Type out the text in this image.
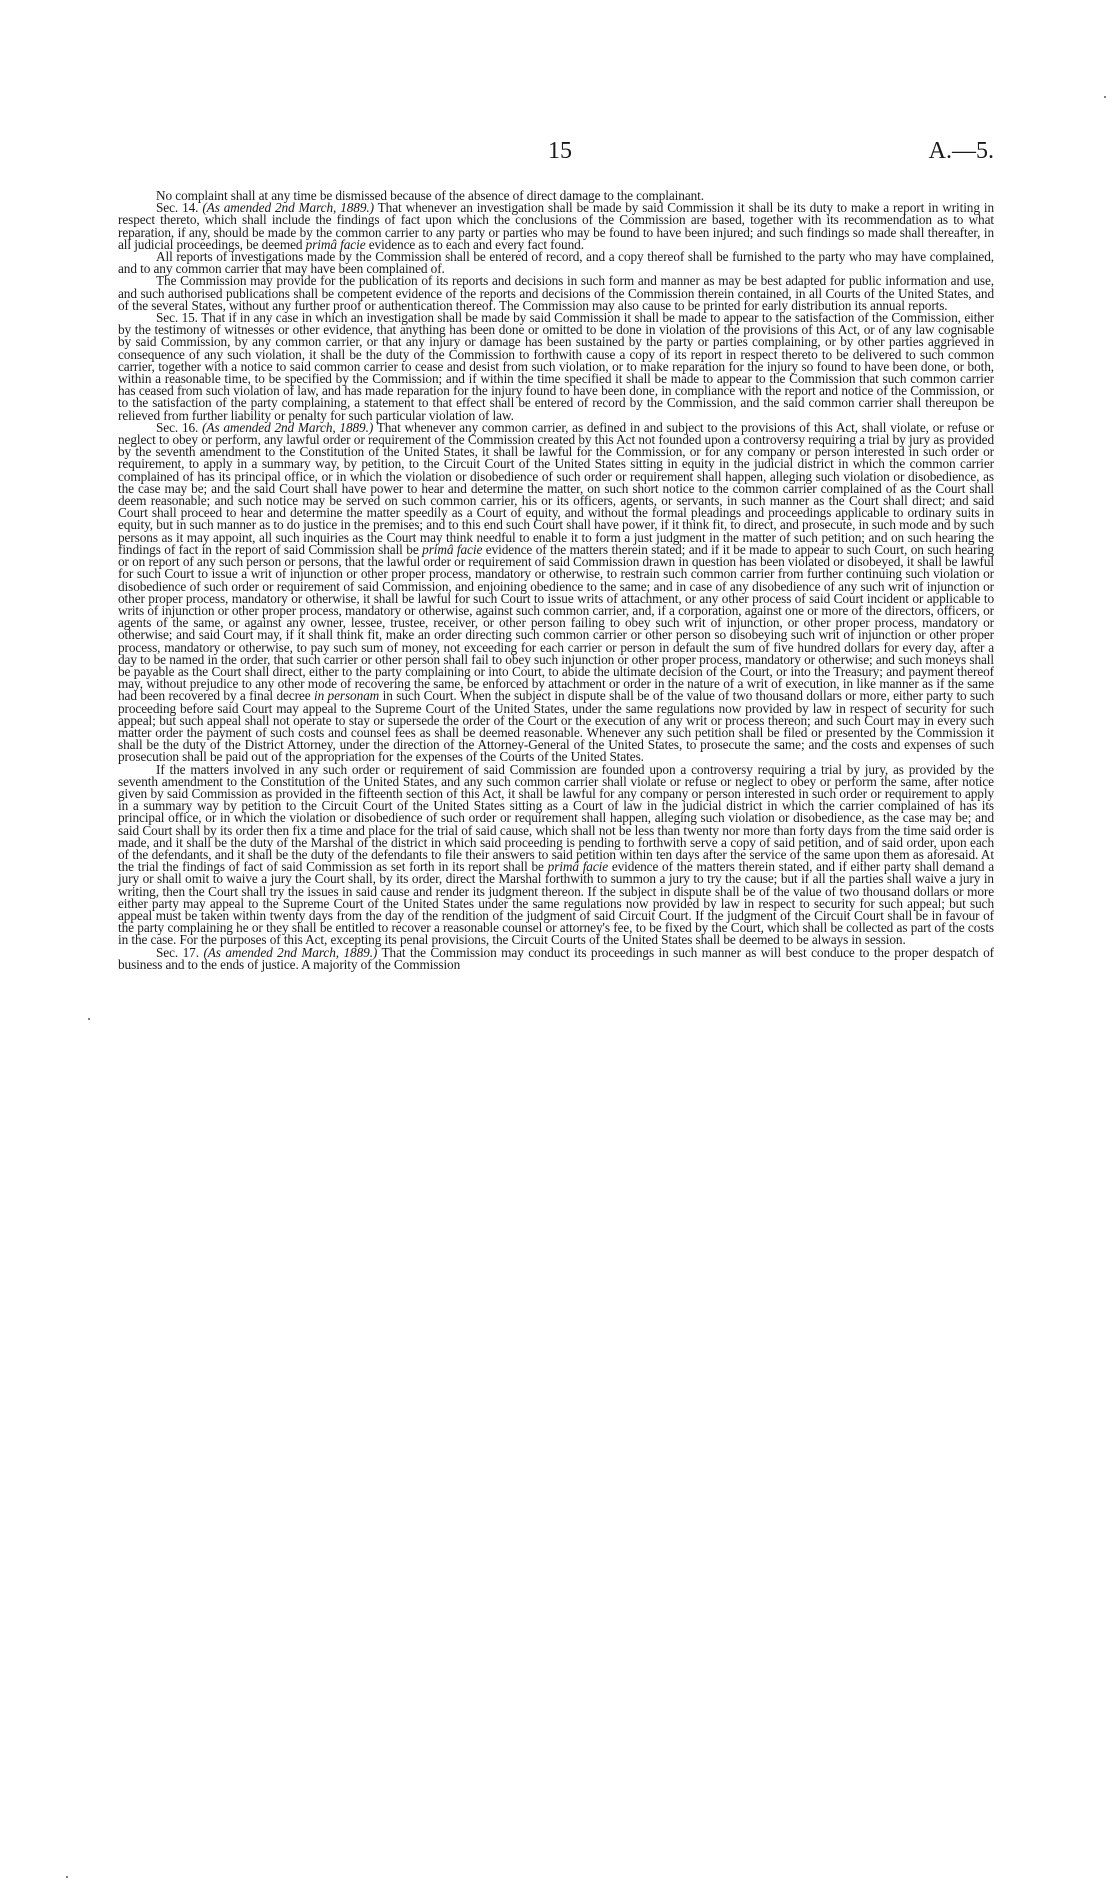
15	A.—5.

No complaint shall at any time be dismissed because of the absence of direct damage to the complainant.

Sec. 14. (As amended 2nd March, 1889.) That whenever an investigation shall be made by said Commission it shall be its duty to make a report in writing in respect thereto, which shall include the findings of fact upon which the conclusions of the Commission are based, together with its recommendation as to what reparation, if any, should be made by the common carrier to any party or parties who may be found to have been injured; and such findings so made shall thereafter, in all judicial proceedings, be deemed primâ facie evidence as to each and every fact found.

All reports of investigations made by the Commission shall be entered of record, and a copy thereof shall be furnished to the party who may have complained, and to any common carrier that may have been complained of.

The Commission may provide for the publication of its reports and decisions in such form and manner as may be best adapted for public information and use, and such authorised publications shall be competent evidence of the reports and decisions of the Commission therein contained, in all Courts of the United States, and of the several States, without any further proof or authentication thereof. The Commission may also cause to be printed for early distribution its annual reports.

Sec. 15. That if in any case in which an investigation shall be made by said Commission it shall be made to appear to the satisfaction of the Commission, either by the testimony of witnesses or other evidence, that anything has been done or omitted to be done in violation of the provisions of this Act, or of any law cognisable by said Commission, by any common carrier, or that any injury or damage has been sustained by the party or parties complaining, or by other parties aggrieved in consequence of any such violation, it shall be the duty of the Commission to forthwith cause a copy of its report in respect thereto to be delivered to such common carrier, together with a notice to said common carrier to cease and desist from such violation, or to make reparation for the injury so found to have been done, or both, within a reasonable time, to be specified by the Commission; and if within the time specified it shall be made to appear to the Commission that such common carrier has ceased from such violation of law, and has made reparation for the injury found to have been done, in compliance with the report and notice of the Commission, or to the satisfaction of the party complaining, a statement to that effect shall be entered of record by the Commission, and the said common carrier shall thereupon be relieved from further liability or penalty for such particular violation of law.

Sec. 16. (As amended 2nd March, 1889.) That whenever any common carrier, as defined in and subject to the provisions of this Act, shall violate, or refuse or neglect to obey or perform, any lawful order or requirement of the Commission created by this Act not founded upon a controversy requiring a trial by jury as provided by the seventh amendment to the Constitution of the United States, it shall be lawful for the Commission, or for any company or person interested in such order or requirement, to apply in a summary way, by petition, to the Circuit Court of the United States sitting in equity in the judicial district in which the common carrier complained of has its principal office, or in which the violation or disobedience of such order or requirement shall happen, alleging such violation or disobedience, as the case may be; and the said Court shall have power to hear and determine the matter, on such short notice to the common carrier complained of as the Court shall deem reasonable; and such notice may be served on such common carrier, his or its officers, agents, or servants, in such manner as the Court shall direct; and said Court shall proceed to hear and determine the matter speedily as a Court of equity, and without the formal pleadings and proceedings applicable to ordinary suits in equity, but in such manner as to do justice in the premises; and to this end such Court shall have power, if it think fit, to direct, and prosecute, in such mode and by such persons as it may appoint, all such inquiries as the Court may think needful to enable it to form a just judgment in the matter of such petition; and on such hearing the findings of fact in the report of said Commission shall be primâ facie evidence of the matters therein stated; and if it be made to appear to such Court, on such hearing or on report of any such person or persons, that the lawful order or requirement of said Commission drawn in question has been violated or disobeyed, it shall be lawful for such Court to issue a writ of injunction or other proper process, mandatory or otherwise, to restrain such common carrier from further continuing such violation or disobedience of such order or requirement of said Commission, and enjoining obedience to the same; and in case of any disobedience of any such writ of injunction or other proper process, mandatory or otherwise, it shall be lawful for such Court to issue writs of attachment, or any other process of said Court incident or applicable to writs of injunction or other proper process, mandatory or otherwise, against such common carrier, and, if a corporation, against one or more of the directors, officers, or agents of the same, or against any owner, lessee, trustee, receiver, or other person failing to obey such writ of injunction, or other proper process, mandatory or otherwise; and said Court may, if it shall think fit, make an order directing such common carrier or other person so disobeying such writ of injunction or other proper process, mandatory or otherwise, to pay such sum of money, not exceeding for each carrier or person in default the sum of five hundred dollars for every day, after a day to be named in the order, that such carrier or other person shall fail to obey such injunction or other proper process, mandatory or otherwise; and such moneys shall be payable as the Court shall direct, either to the party complaining or into Court, to abide the ultimate decision of the Court, or into the Treasury; and payment thereof may, without prejudice to any other mode of recovering the same, be enforced by attachment or order in the nature of a writ of execution, in like manner as if the same had been recovered by a final decree in personam in such Court. When the subject in dispute shall be of the value of two thousand dollars or more, either party to such proceeding before said Court may appeal to the Supreme Court of the United States, under the same regulations now provided by law in respect of security for such appeal; but such appeal shall not operate to stay or supersede the order of the Court or the execution of any writ or process thereon; and such Court may in every such matter order the payment of such costs and counsel fees as shall be deemed reasonable. Whenever any such petition shall be filed or presented by the Commission it shall be the duty of the District Attorney, under the direction of the Attorney-General of the United States, to prosecute the same; and the costs and expenses of such prosecution shall be paid out of the appropriation for the expenses of the Courts of the United States.

If the matters involved in any such order or requirement of said Commission are founded upon a controversy requiring a trial by jury, as provided by the seventh amendment to the Constitution of the United States, and any such common carrier shall violate or refuse or neglect to obey or perform the same, after notice given by said Commission as provided in the fifteenth section of this Act, it shall be lawful for any company or person interested in such order or requirement to apply in a summary way by petition to the Circuit Court of the United States sitting as a Court of law in the judicial district in which the carrier complained of has its principal office, or in which the violation or disobedience of such order or requirement shall happen, alleging such violation or disobedience, as the case may be; and said Court shall by its order then fix a time and place for the trial of said cause, which shall not be less than twenty nor more than forty days from the time said order is made, and it shall be the duty of the Marshal of the district in which said proceeding is pending to forthwith serve a copy of said petition, and of said order, upon each of the defendants, and it shall be the duty of the defendants to file their answers to said petition within ten days after the service of the same upon them as aforesaid. At the trial the findings of fact of said Commission as set forth in its report shall be primâ facie evidence of the matters therein stated, and if either party shall demand a jury or shall omit to waive a jury the Court shall, by its order, direct the Marshal forthwith to summon a jury to try the cause; but if all the parties shall waive a jury in writing, then the Court shall try the issues in said cause and render its judgment thereon. If the subject in dispute shall be of the value of two thousand dollars or more either party may appeal to the Supreme Court of the United States under the same regulations now provided by law in respect to security for such appeal; but such appeal must be taken within twenty days from the day of the rendition of the judgment of said Circuit Court. If the judgment of the Circuit Court shall be in favour of the party complaining he or they shall be entitled to recover a reasonable counsel or attorney's fee, to be fixed by the Court, which shall be collected as part of the costs in the case. For the purposes of this Act, excepting its penal provisions, the Circuit Courts of the United States shall be deemed to be always in session.

Sec. 17. (As amended 2nd March, 1889.) That the Commission may conduct its proceedings in such manner as will best conduce to the proper despatch of business and to the ends of justice. A majority of the Commission
